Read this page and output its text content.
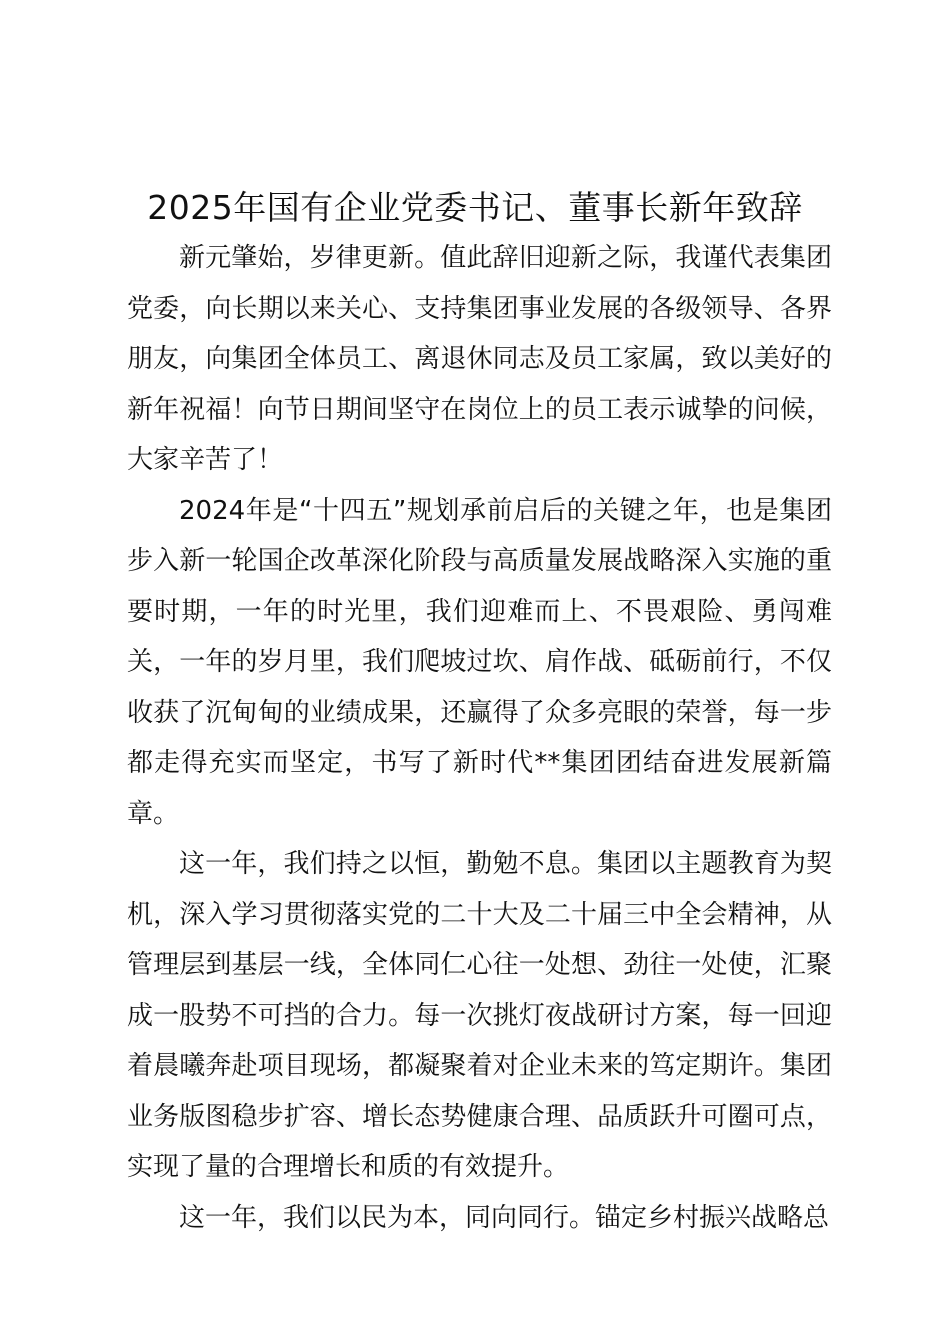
2025年国有企业党委书记、董事长新年致辞

新元肇始，岁律更新。值此辞旧迎新之际，我谨代表集团党委，向长期以来关心、支持集团事业发展的各级领导、各界朋友，向集团全体员工、离退休同志及员工家属，致以美好的新年祝福！向节日期间坚守在岗位上的员工表示诚挚的问候，大家辛苦了！

2024年是“十四五”规划承前启后的关键之年，也是集团步入新一轮国企改革深化阶段与高质量发展战略深入实施的重要时期，一年的时光里，我们迎难而上、不畏艰险、勇闯难关，一年的岁月里，我们爬坡过坎、肩作战、砥砺前行，不仅收获了沉甸甸的业绩成果，还赢得了众多亮眼的荣誉，每一步都走得充实而坚定，书写了新时代**集团团结奋进发展新篇章。

这一年，我们持之以恒，勤勉不息。集团以主题教育为契机，深入学习贯彻落实党的二十大及二十届三中全会精神，从管理层到基层一线，全体同仁心往一处想、劲往一处使，汇聚成一股势不可挡的合力。每一次挑灯夜战研讨方案，每一回迎着晨曦奔赴项目现场，都凝聚着对企业未来的笃定期许。集团业务版图稳步扩容、增长态势健康合理、品质跃升可圈可点，实现了量的合理增长和质的有效提升。

这一年，我们以民为本，同向同行。锚定乡村振兴战略总
